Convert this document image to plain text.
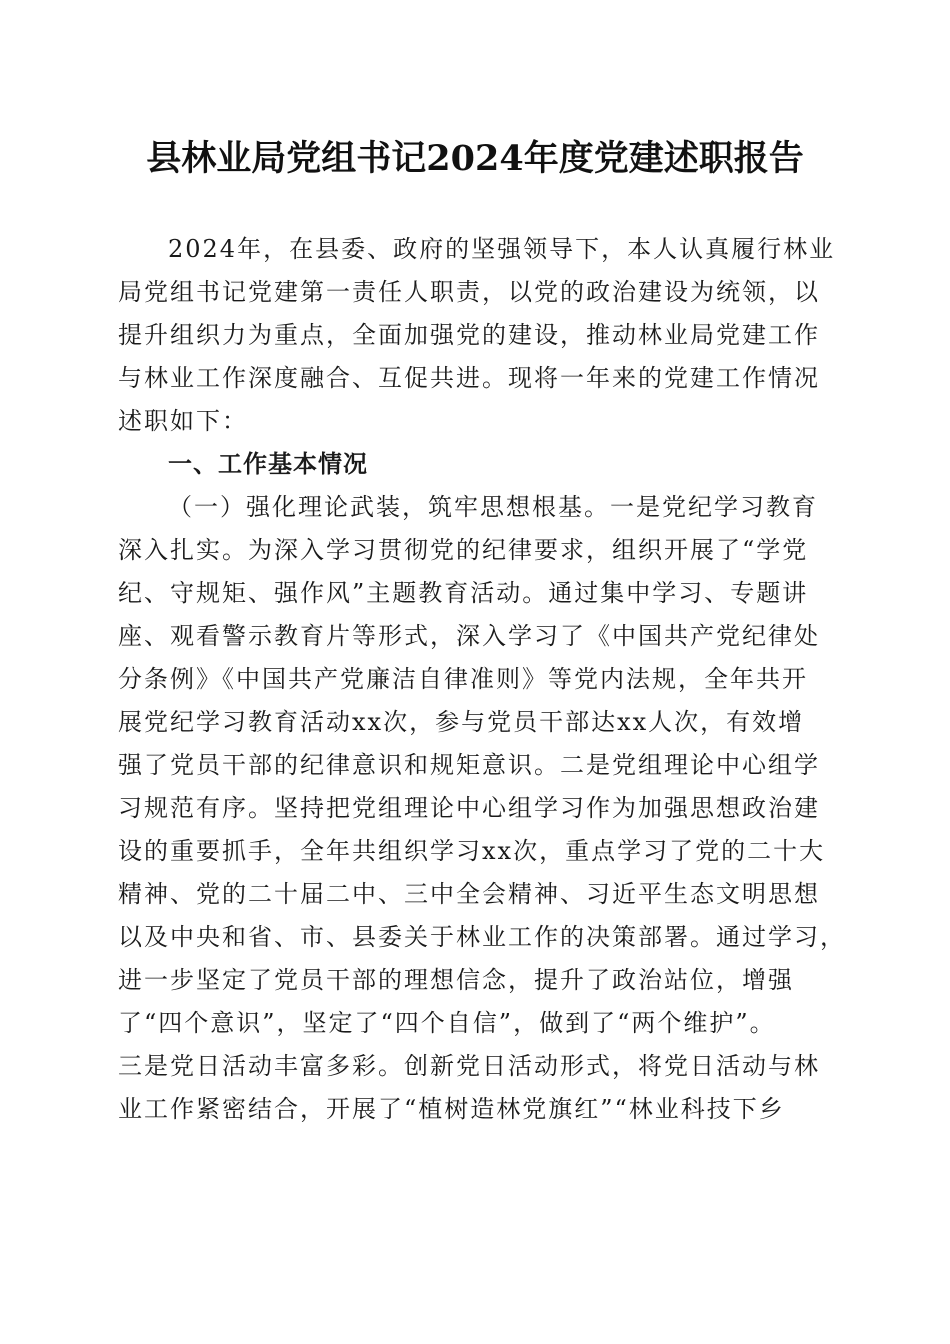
县林业局党组书记2024年度党建述职报告
2024年，在县委、政府的坚强领导下，本人认真履行林业
局党组书记党建第一责任人职责，以党的政治建设为统领，以
提升组织力为重点，全面加强党的建设，推动林业局党建工作
与林业工作深度融合、互促共进。现将一年来的党建工作情况
述职如下：
一、工作基本情况
（一）强化理论武装，筑牢思想根基。一是党纪学习教育
深入扎实。为深入学习贯彻党的纪律要求，组织开展了“学党
纪、守规矩、强作风”主题教育活动。通过集中学习、专题讲
座、观看警示教育片等形式，深入学习了《中国共产党纪律处
分条例》《中国共产党廉洁自律准则》等党内法规，全年共开
展党纪学习教育活动xx次，参与党员干部达xx人次，有效增
强了党员干部的纪律意识和规矩意识。二是党组理论中心组学
习规范有序。坚持把党组理论中心组学习作为加强思想政治建
设的重要抓手，全年共组织学习xx次，重点学习了党的二十大
精神、党的二十届二中、三中全会精神、习近平生态文明思想
以及中央和省、市、县委关于林业工作的决策部署。通过学习，
进一步坚定了党员干部的理想信念，提升了政治站位，增强
了“四个意识”，坚定了“四个自信”，做到了“两个维护”。
三是党日活动丰富多彩。创新党日活动形式，将党日活动与林
业工作紧密结合，开展了“植树造林党旗红”“林业科技下乡
